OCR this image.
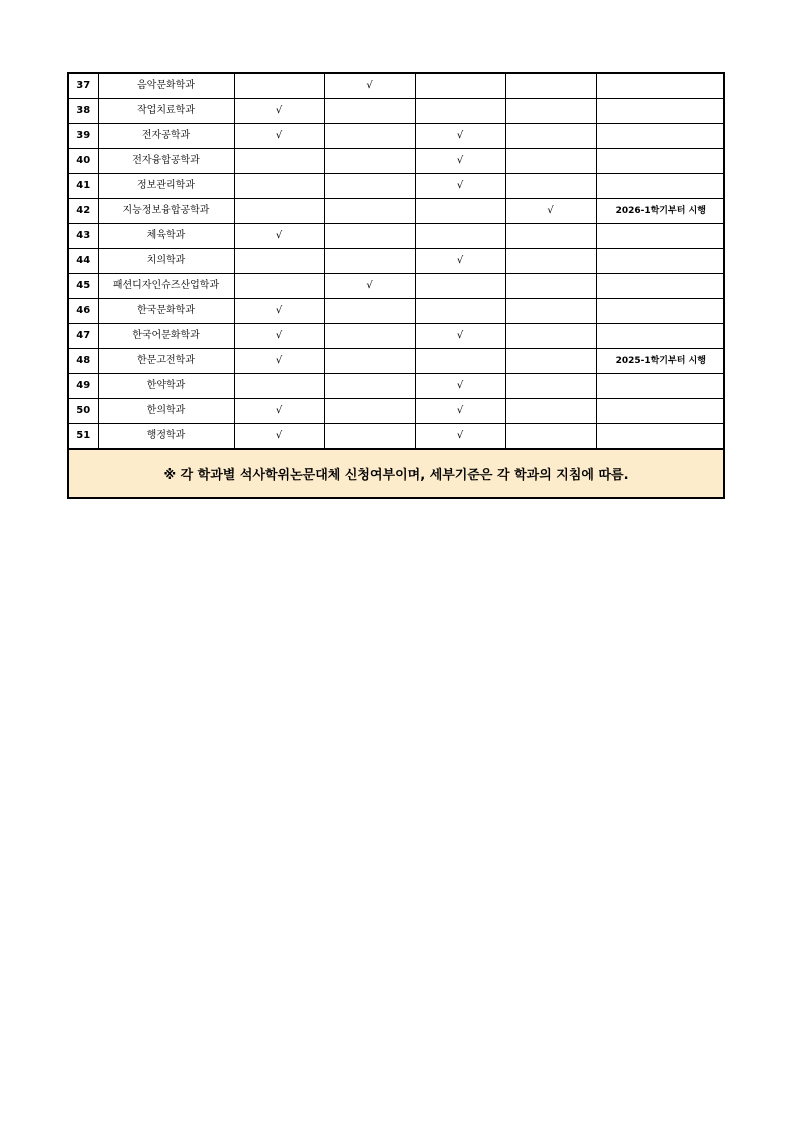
37	음악문화학과		√			
38	작업치료학과	√				
39	전자공학과	√		√		
40	전자융합공학과			√		
41	정보관리학과			√		
42	지능정보융합공학과				√	2026-1학기부터 시행
43	체육학과	√				
44	치의학과			√		
45	패션디자인슈즈산업학과		√			
46	한국문화학과	√				
47	한국어문화학과	√		√		
48	한문고전학과	√				2025-1학기부터 시행
49	한약학과			√		
50	한의학과	√		√		
51	행정학과	√		√		
※ 각 학과별 석사학위논문대체 신청여부이며, 세부기준은 각 학과의 지침에 따름.
